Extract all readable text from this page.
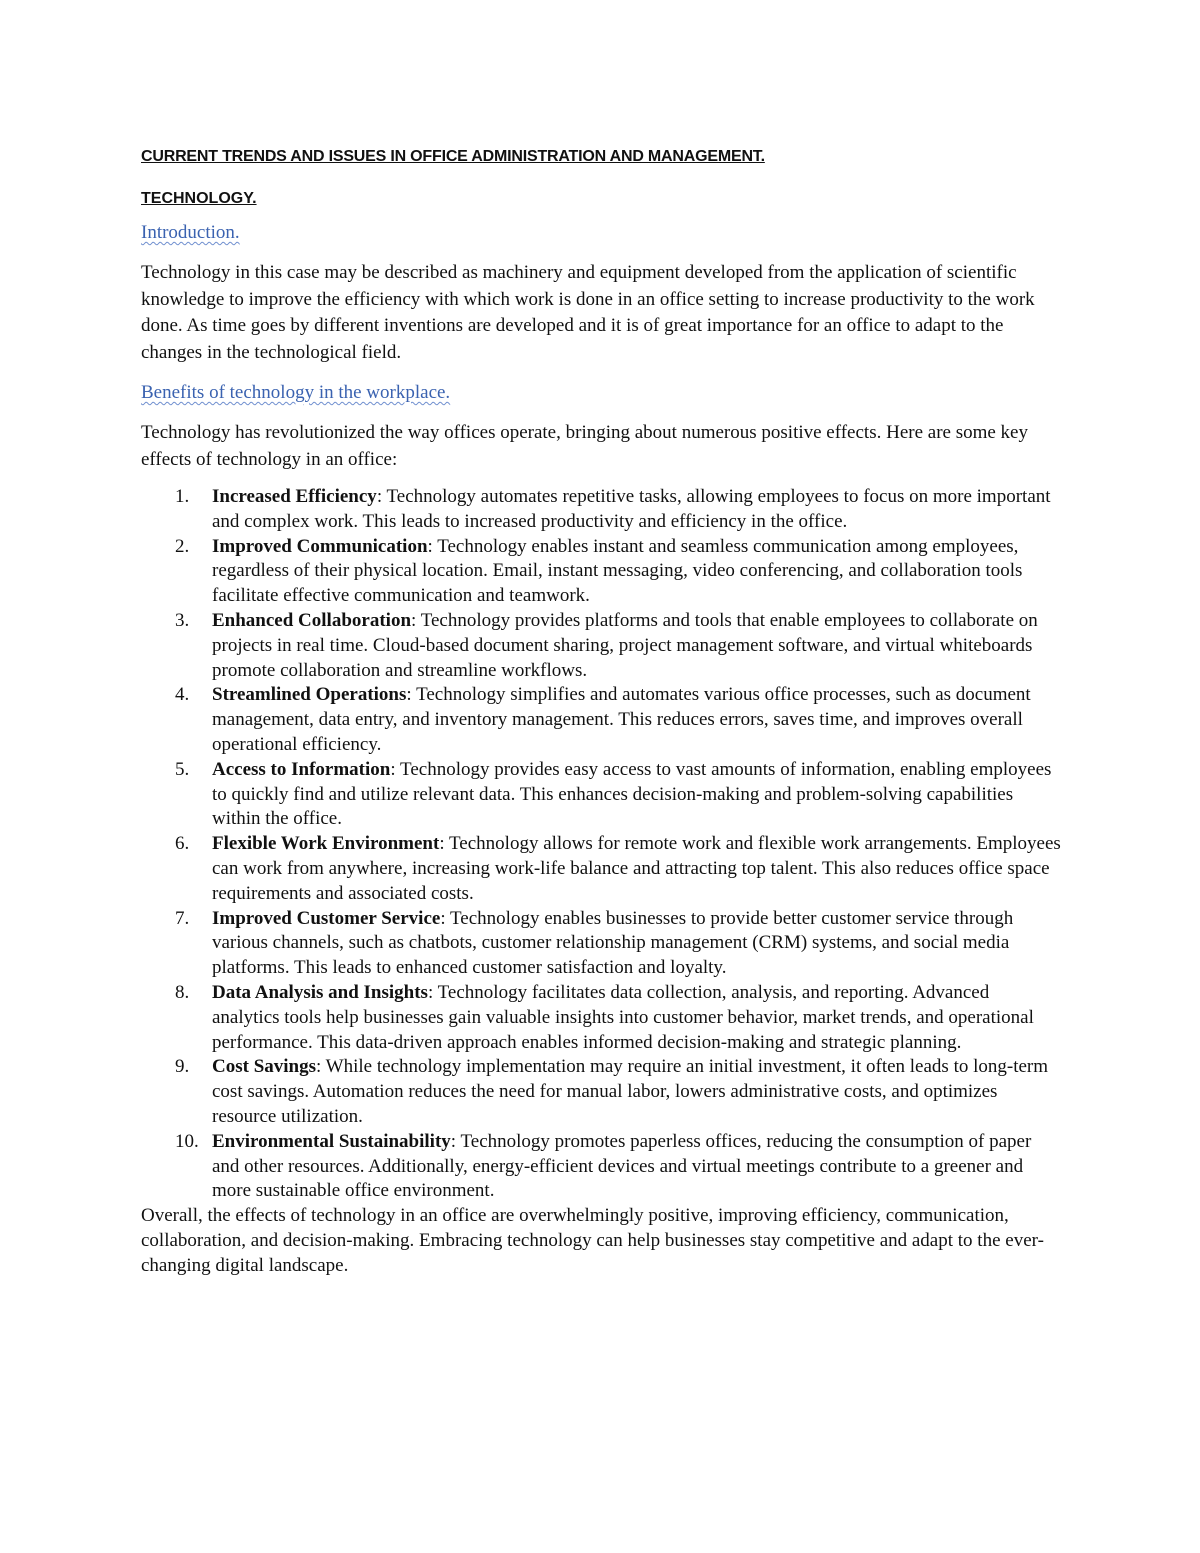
CURRENT TRENDS AND ISSUES IN OFFICE ADMINISTRATION AND MANAGEMENT.
TECHNOLOGY.
Introduction.

Technology in this case may be described as machinery and equipment developed from the application of scientific knowledge to improve the efficiency with which work is done in an office setting to increase productivity to the work done. As time goes by different inventions are developed and it is of great importance for an office to adapt to the changes in the technological field.

Benefits of technology in the workplace.

Technology has revolutionized the way offices operate, bringing about numerous positive effects. Here are some key effects of technology in an office:

1. Increased Efficiency: Technology automates repetitive tasks, allowing employees to focus on more important and complex work. This leads to increased productivity and efficiency in the office.
2. Improved Communication: Technology enables instant and seamless communication among employees, regardless of their physical location. Email, instant messaging, video conferencing, and collaboration tools facilitate effective communication and teamwork.
3. Enhanced Collaboration: Technology provides platforms and tools that enable employees to collaborate on projects in real time. Cloud-based document sharing, project management software, and virtual whiteboards promote collaboration and streamline workflows.
4. Streamlined Operations: Technology simplifies and automates various office processes, such as document management, data entry, and inventory management. This reduces errors, saves time, and improves overall operational efficiency.
5. Access to Information: Technology provides easy access to vast amounts of information, enabling employees to quickly find and utilize relevant data. This enhances decision-making and problem-solving capabilities within the office.
6. Flexible Work Environment: Technology allows for remote work and flexible work arrangements. Employees can work from anywhere, increasing work-life balance and attracting top talent. This also reduces office space requirements and associated costs.
7. Improved Customer Service: Technology enables businesses to provide better customer service through various channels, such as chatbots, customer relationship management (CRM) systems, and social media platforms. This leads to enhanced customer satisfaction and loyalty.
8. Data Analysis and Insights: Technology facilitates data collection, analysis, and reporting. Advanced analytics tools help businesses gain valuable insights into customer behavior, market trends, and operational performance. This data-driven approach enables informed decision-making and strategic planning.
9. Cost Savings: While technology implementation may require an initial investment, it often leads to long-term cost savings. Automation reduces the need for manual labor, lowers administrative costs, and optimizes resource utilization.
10. Environmental Sustainability: Technology promotes paperless offices, reducing the consumption of paper and other resources. Additionally, energy-efficient devices and virtual meetings contribute to a greener and more sustainable office environment.

Overall, the effects of technology in an office are overwhelmingly positive, improving efficiency, communication, collaboration, and decision-making. Embracing technology can help businesses stay competitive and adapt to the ever-changing digital landscape.
